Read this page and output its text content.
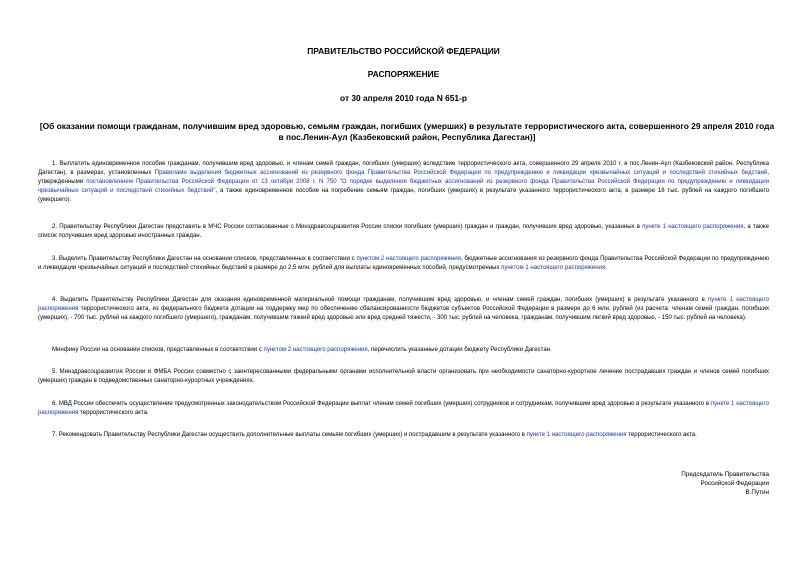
ПРАВИТЕЛЬСТВО РОССИЙСКОЙ ФЕДЕРАЦИИ
РАСПОРЯЖЕНИЕ
от 30 апреля 2010 года N 651-р
[Об оказании помощи гражданам, получившим вред здоровью, семьям граждан, погибших (умерших) в результате террористического акта, совершенного 29 апреля 2010 года в пос.Ленин-Аул (Казбековский район, Республика Дагестан)]
1. Выплатить единовременное пособие гражданам, получившим вред здоровью, и членам семей граждан, погибших (умерших) вследствие террористического акта, совершенного 29 апреля 2010 г. в пос.Ленин-Аул (Казбековский район, Республика Дагестан), в размерах, установленных Правилами выделения бюджетных ассигнований из резервного фонда Правительства Российской Федерации по предупреждению и ликвидации чрезвычайных ситуаций и последствий стихийных бедствий, утвержденными постановлением Правительства Российской Федерации от 13 октября 2008 г. N 750 "О порядке выделения бюджетных ассигнований из резервного фонда Правительства Российской Федерации по предупреждению и ликвидации чрезвычайных ситуаций и последствий стихийных бедствий", а также единовременное пособие на погребение семьям граждан, погибших (умерших) в результате указанного террористического акта, в размере 18 тыс. рублей на каждого погибшего (умершего).
2. Правительству Республики Дагестан представить в МЧС России согласованные с Минздравсоцразвития России списки погибших (умерших) граждан и граждан, получивших вред здоровью, указанных в пункте 1 настоящего распоряжения, а также список получивших вред здоровью иностранных граждан.
3. Выделить Правительству Республики Дагестан на основании списков, представленных в соответствии с пунктом 2 настоящего распоряжения, бюджетные ассигнования из резервного фонда Правительства Российской Федерации по предупреждению и ликвидации чрезвычайных ситуаций и последствий стихийных бедствий в размере до 2,5 млн. рублей для выплаты единовременных пособий, предусмотренных пунктом 1 настоящего распоряжения.
4. Выделить Правительству Республики Дагестан для оказания единовременной материальной помощи гражданам, получившим вред здоровью, и членам семей граждан, погибших (умерших) в результате указанного в пункте 1 настоящего распоряжения террористического акта, из федерального бюджета дотации на поддержку мер по обеспечению сбалансированности бюджетов субъектов Российской Федерации в размере до 6 млн. рублей (из расчета: членам семей граждан, погибших (умерших), - 700 тыс. рублей на каждого погибшего (умершего), гражданам, получившим тяжкий вред здоровью или вред средней тяжести, - 300 тыс. рублей на человека, гражданам, получившим легкий вред здоровью, - 150 тыс. рублей на человека).
Минфину России на основании списков, представленных в соответствии с пунктом 2 настоящего распоряжения, перечислить указанные дотации бюджету Республики Дагестан.
5. Минздравсоцразвития России и ФМБА России совместно с заинтересованными федеральными органами исполнительной власти организовать при необходимости санаторно-курортное лечение пострадавших граждан и членов семей погибших (умерших) граждан в подведомственных санаторно-курортных учреждениях.
6. МВД России обеспечить осуществление предусмотренных законодательством Российской Федерации выплат членам семей погибших (умерших) сотрудников и сотрудникам, получившим вред здоровью в результате указанного в пункте 1 настоящего распоряжения террористического акта.
7. Рекомендовать Правительству Республики Дагестан осуществить дополнительные выплаты семьям погибших (умерших) и пострадавшим в результате указанного в пункте 1 настоящего распоряжения террористического акта.
Председатель Правительства
Российской Федерации
В.Путин
